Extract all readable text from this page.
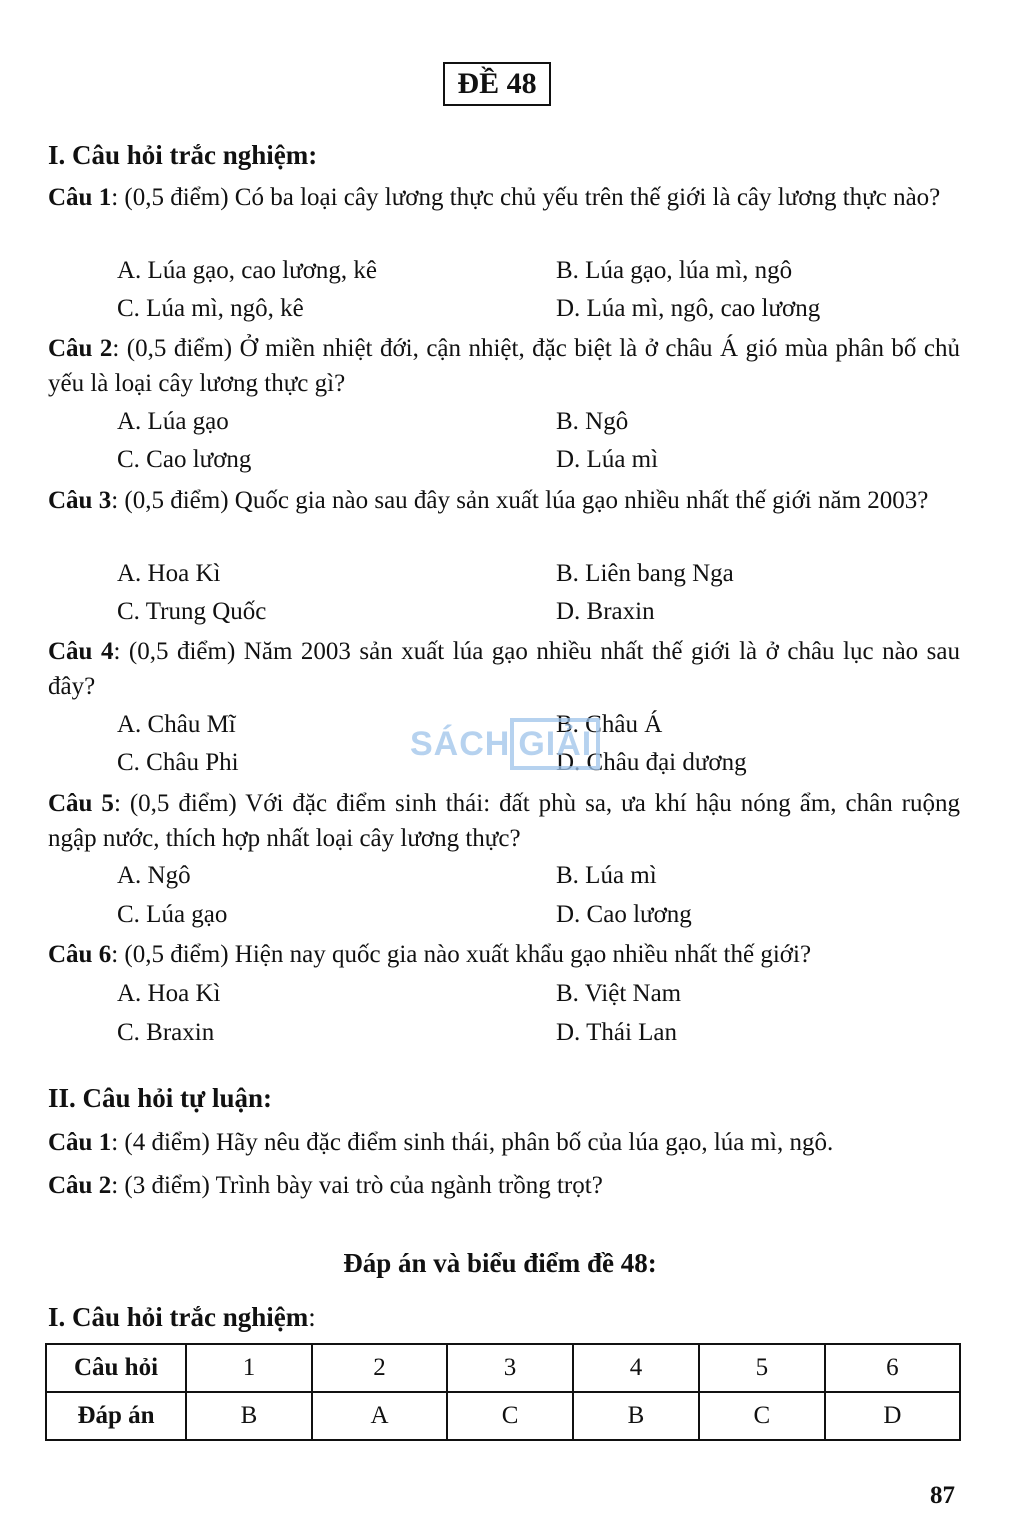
ĐỀ 48
I. Câu hỏi trắc nghiệm:
Câu 1: (0,5 điểm) Có ba loại cây lương thực chủ yếu trên thế giới là cây lương thực nào?
A. Lúa gạo, cao lương, kê	B. Lúa gạo, lúa mì, ngô
C. Lúa mì, ngô, kê	D. Lúa mì, ngô, cao lương
Câu 2: (0,5 điểm) Ở miền nhiệt đới, cận nhiệt, đặc biệt là ở châu Á gió mùa phân bố chủ yếu là loại cây lương thực gì?
A. Lúa gạo	B. Ngô
C. Cao lương	D. Lúa mì
Câu 3: (0,5 điểm) Quốc gia nào sau đây sản xuất lúa gạo nhiều nhất thế giới năm 2003?
A. Hoa Kì	B. Liên bang Nga
C. Trung Quốc	D. Braxin
Câu 4: (0,5 điểm) Năm 2003 sản xuất lúa gạo nhiều nhất thế giới là ở châu lục nào sau đây?
A. Châu Mĩ	B. Châu Á
C. Châu Phi	D. Châu đại dương
Câu 5: (0,5 điểm) Với đặc điểm sinh thái: đất phù sa, ưa khí hậu nóng ẩm, chân ruộng ngập nước, thích hợp nhất loại cây lương thực?
A. Ngô	B. Lúa mì
C. Lúa gạo	D. Cao lương
Câu 6: (0,5 điểm) Hiện nay quốc gia nào xuất khẩu gạo nhiều nhất thế giới?
A. Hoa Kì	B. Việt Nam
C. Braxin	D. Thái Lan
II. Câu hỏi tự luận:
Câu 1: (4 điểm) Hãy nêu đặc điểm sinh thái, phân bố của lúa gạo, lúa mì, ngô.
Câu 2: (3 điểm) Trình bày vai trò của ngành trồng trọt?
Đáp án và biểu điểm đề 48:
I. Câu hỏi trắc nghiệm:
Câu hỏi	1	2	3	4	5	6
Đáp án	B	A	C	B	C	D
87
SÁCH GIẢI
